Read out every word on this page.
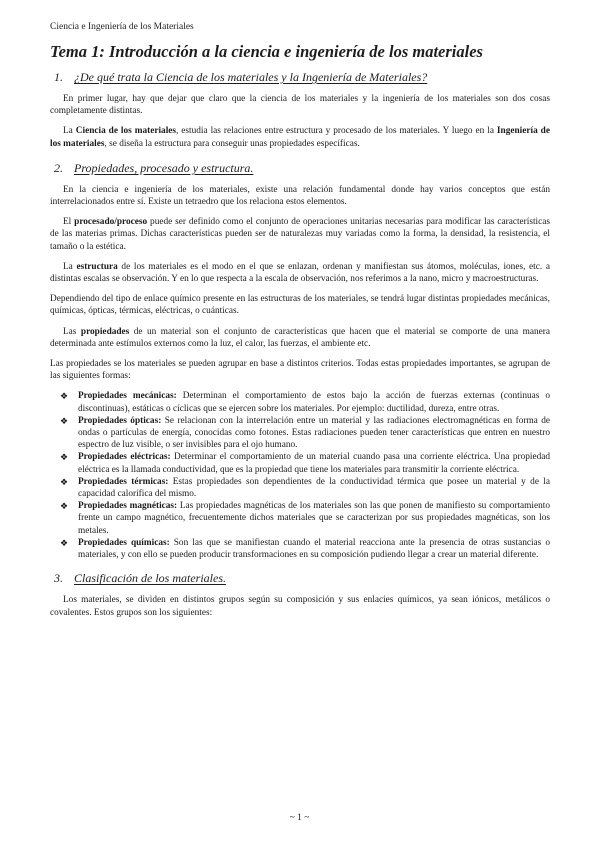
Ciencia e Ingeniería de los Materiales
Tema 1: Introducción a la ciencia e ingeniería de los materiales
1. ¿De qué trata la Ciencia de los materiales y la Ingeniería de Materiales?

En primer lugar, hay que dejar que claro que la ciencia de los materiales y la ingeniería de los materiales son dos cosas completamente distintas.

La Ciencia de los materiales, estudia las relaciones entre estructura y procesado de los materiales. Y luego en la Ingeniería de los materiales, se diseña la estructura para conseguir unas propiedades específicas.

2. Propiedades, procesado y estructura.

En la ciencia e ingeniería de los materiales, existe una relación fundamental donde hay varios conceptos que están interrelacionados entre sí. Existe un tetraedro que los relaciona estos elementos.

El procesado/proceso puede ser definido como el conjunto de operaciones unitarias necesarias para modificar las características de las materias primas. Dichas características pueden ser de naturalezas muy variadas como la forma, la densidad, la resistencia, el tamaño o la estética.

La estructura de los materiales es el modo en el que se enlazan, ordenan y manifiestan sus átomos, moléculas, iones, etc. a distintas escalas se observación. Y en lo que respecta a la escala de observación, nos referimos a la nano, micro y macroestructuras.

Dependiendo del tipo de enlace químico presente en las estructuras de los materiales, se tendrá lugar distintas propiedades mecánicas, químicas, ópticas, térmicas, eléctricas, o cuánticas.

Las propiedades de un material son el conjunto de características que hacen que el material se comporte de una manera determinada ante estímulos externos como la luz, el calor, las fuerzas, el ambiente etc.

Las propiedades se los materiales se pueden agrupar en base a distintos criterios. Todas estas propiedades importantes, se agrupan de las siguientes formas:

❖ Propiedades mecánicas: Determinan el comportamiento de estos bajo la acción de fuerzas externas (continuas o discontinuas), estáticas o cíclicas que se ejercen sobre los materiales. Por ejemplo: ductilidad, dureza, entre otras.
❖ Propiedades ópticas: Se relacionan con la interrelación entre un material y las radiaciones electromagnéticas en forma de ondas o partículas de energía, conocidas como fotones. Estas radiaciones pueden tener características que entren en nuestro espectro de luz visible, o ser invisibles para el ojo humano.
❖ Propiedades eléctricas: Determinar el comportamiento de un material cuando pasa una corriente eléctrica. Una propiedad eléctrica es la llamada conductividad, que es la propiedad que tiene los materiales para transmitir la corriente eléctrica.
❖ Propiedades térmicas: Estas propiedades son dependientes de la conductividad térmica que posee un material y de la capacidad calorífica del mismo.
❖ Propiedades magnéticas: Las propiedades magnéticas de los materiales son las que ponen de manifiesto su comportamiento frente un campo magnético, frecuentemente dichos materiales que se caracterizan por sus propiedades magnéticas, son los metales.
❖ Propiedades químicas: Son las que se manifiestan cuando el material reacciona ante la presencia de otras sustancias o materiales, y con ello se pueden producir transformaciones en su composición pudiendo llegar a crear un material diferente.
3. Clasificación de los materiales.

Los materiales, se dividen en distintos grupos según su composición y sus enlacies químicos, ya sean iónicos, metálicos o covalentes. Estos grupos son los siguientes:

~ 1 ~
